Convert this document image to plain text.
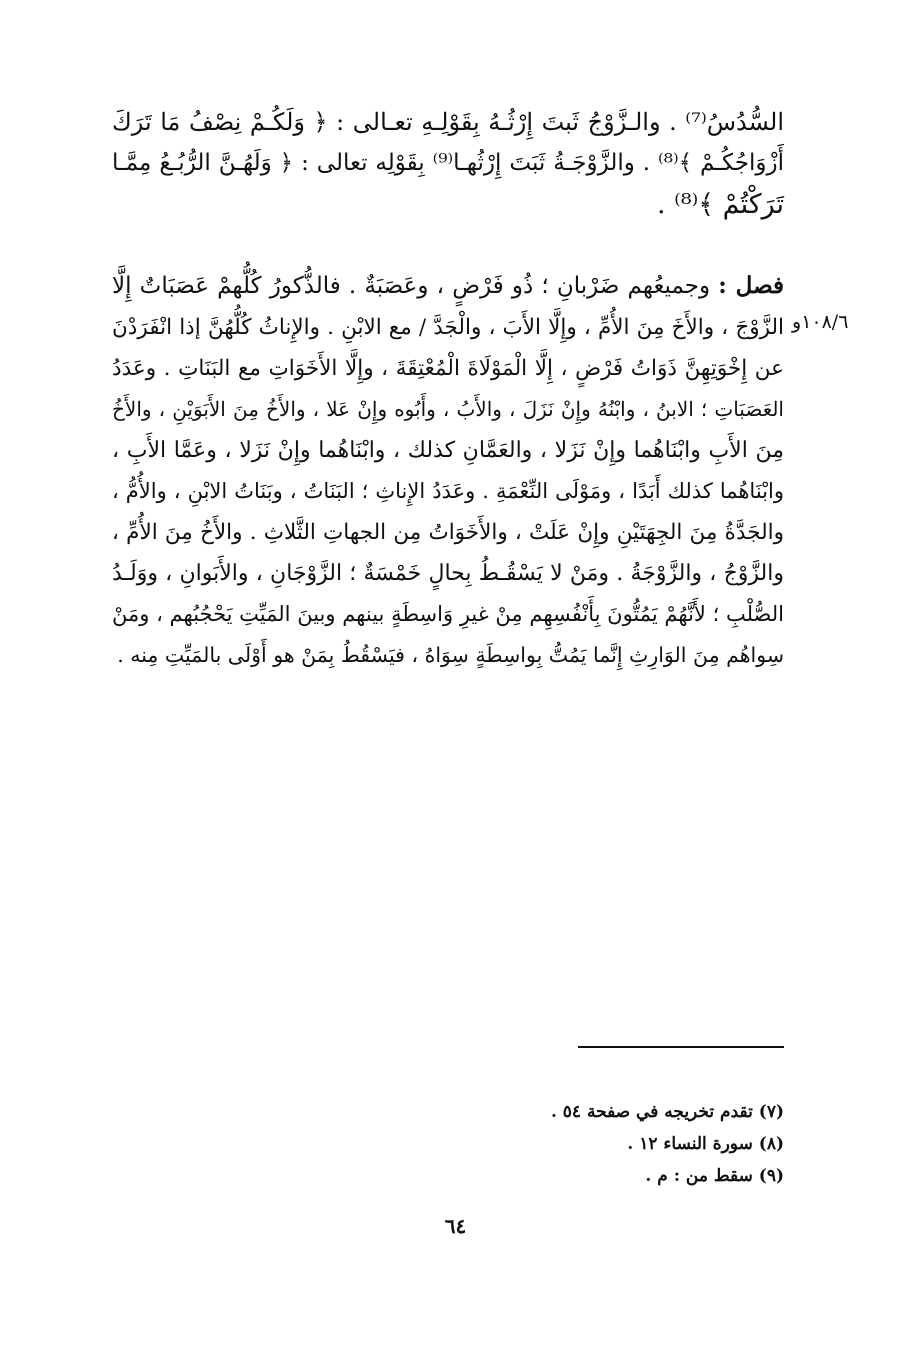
السُّدُسُ⁽⁷⁾ . والـزَّوْجُ ثَبتَ إِرْثُـهُ بِقَوْلِـهِ تعـالى : ﴿ وَلَكُـمْ نِصْفُ مَا تَرَكَ
أَزْوَاجُكُـمْ ﴾⁽⁸⁾ . والزَّوْجَـةُ ثَبَتَ إِرْثُهـا⁽⁹⁾ بِقَوْلِه تعالى : ﴿ وَلَهُـنَّ الرُّبُـعُ مِمَّـا
تَرَكْتُمْ ﴾⁽⁸⁾ .
فصل : وجميعُهم ضَرْبانِ ؛ ذُو فَرْضٍ ، وعَصَبَةٌ . فالذُّكورُ كُلُّهمْ عَصَبَاتٌ إِلَّا
الزَّوْجَ ، والأَخَ مِنَ الأُمِّ ، وإِلَّا الأَبَ ، والْجَدَّ / مع الابْنِ . والإِناثُ كُلُّهُنَّ إذا انْفَرَدْنَ
عن إِخْوَتِهِنَّ ذَوَاتُ فَرْضٍ ، إِلَّا الْمَوْلَاةَ الْمُعْتِقَةَ ، وإِلَّا الأَخَوَاتِ مع البَنَاتِ . وعَدَدُ
العَصَبَاتِ ؛ الابنُ ، وابْنُهُ وإِنْ نَزَلَ ، والأَبُ ، وأَبُوه وإِنْ عَلا ، والأَخُ مِنَ الأَبَوَيْنِ ، والأَخُ
مِنَ الأَبِ وابْنَاهُما وإِنْ نَزَلا ، والعَمَّانِ كذلك ، وابْنَاهُما وإِنْ نَزَلا ، وعَمَّا الأَبِ ،
وابْنَاهُما كذلك أَبَدًا ، ومَوْلَى النِّعْمَةِ . وعَدَدُ الإِناثِ ؛ البَنَاتُ ، وبَنَاتُ الابْنِ ، والأُمُّ ،
والجَدَّةُ مِنَ الجِهَتَيْنِ وإِنْ عَلَتْ ، والأَخَوَاتُ مِن الجهاتِ الثَّلاثِ . والأَخُ مِنَ الأُمِّ ،
والزَّوْجُ ، والزَّوْجَةُ . ومَنْ لا يَسْقُـطُ بِحالٍ خَمْسَةٌ ؛ الزَّوْجَانِ ، والأَبَوانِ ، ووَلَـدُ
الصُّلْبِ ؛ لأَنَّهُمْ يَمُتُّونَ بِأَنْفُسِهِم مِنْ غيرِ وَاسِطَةٍ بينهم وبينَ المَيِّتِ يَحْجُبُهم ، ومَنْ
سِواهُم مِنَ الوَارِثِ إِنَّما يَمُتُّ بِواسِطَةٍ سِوَاهُ ، فيَسْقُطُ بِمَنْ هو أَوْلَى بالمَيِّتِ مِنه .
١٠٨/٦و
(٧) تقدم تخريجه في صفحة ٥٤ .
(٨) سورة النساء ١٢ .
(٩) سقط من : م .
٦٤
